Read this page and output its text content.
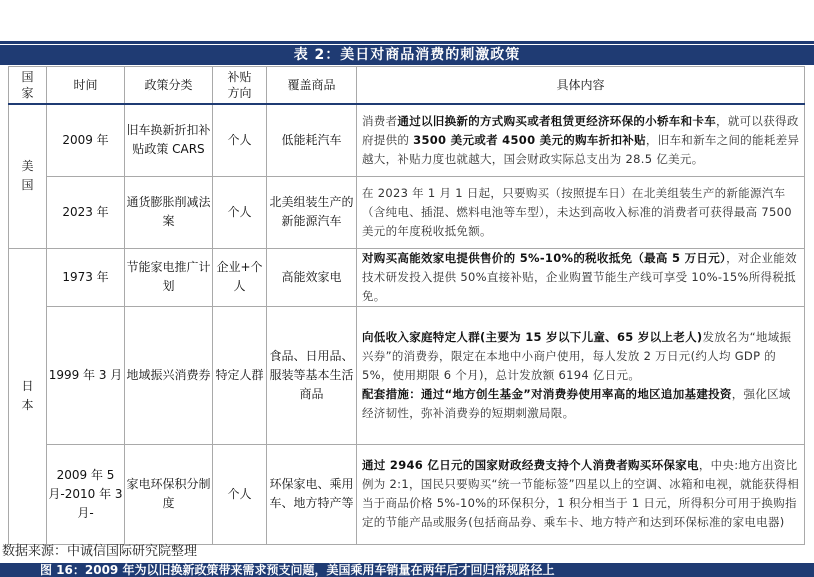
表 2：美日对商品消费的刺激政策
国家	时间	政策分类	补贴方向	覆盖商品	具体内容

美国	2009 年	旧车换新折扣补贴政策 CARS	个人	低能耗汽车	消费者通过以旧换新的方式购买或者租赁更经济环保的小轿车和卡车，就可以获得政府提供的 3500 美元或者 4500 美元的购车折扣补贴，旧车和新车之间的能耗差异越大，补贴力度也就越大，国会财政实际总支出为 28.5 亿美元。
	2023 年	通货膨胀削减法案	个人	北美组装生产的新能源汽车	在 2023 年 1 月 1 日起，只要购买（按照提车日）在北美组装生产的新能源汽车（含纯电、插混、燃料电池等车型），未达到高收入标准的消费者可获得最高 7500 美元的年度税收抵免额。

日本	1973 年	节能家电推广计划	企业+个人	高能效家电	对购买高能效家电提供售价的 5%-10%的税收抵免（最高 5 万日元），对企业能效技术研发投入提供 50%直接补贴，企业购置节能生产线可享受 10%-15%所得税抵免。
	1999 年 3 月	地域振兴消费券	特定人群	食品、日用品、服装等基本生活商品	向低收入家庭特定人群(主要为 15 岁以下儿童、65 岁以上老人)发放名为“地域振兴券”的消费券，限定在本地中小商户使用，每人发放 2 万日元(约人均 GDP 的 5%，使用期限 6 个月)，总计发放额 6194 亿日元。
配套措施：通过“地方创生基金”对消费券使用率高的地区追加基建投资，强化区域经济韧性，弥补消费券的短期刺激局限。
	2009 年 5 月-2010 年 3 月-	家电环保积分制度	个人	环保家电、乘用车、地方特产等	通过 2946 亿日元的国家财政经费支持个人消费者购买环保家电，中央:地方出资比例为 2:1，国民只要购买“统一节能标签”四星以上的空调、冰箱和电视，就能获得相当于商品价格 5%-10%的环保积分，1 积分相当于 1 日元，所得积分可用于换购指定的节能产品或服务(包括商品券、乘车卡、地方特产和达到环保标准的家电电器)
数据来源：中诚信国际研究院整理
图 16：2009 年为以旧换新政策带来需求预支问题，美国乘用车销量在两年后才回归常规路径上
